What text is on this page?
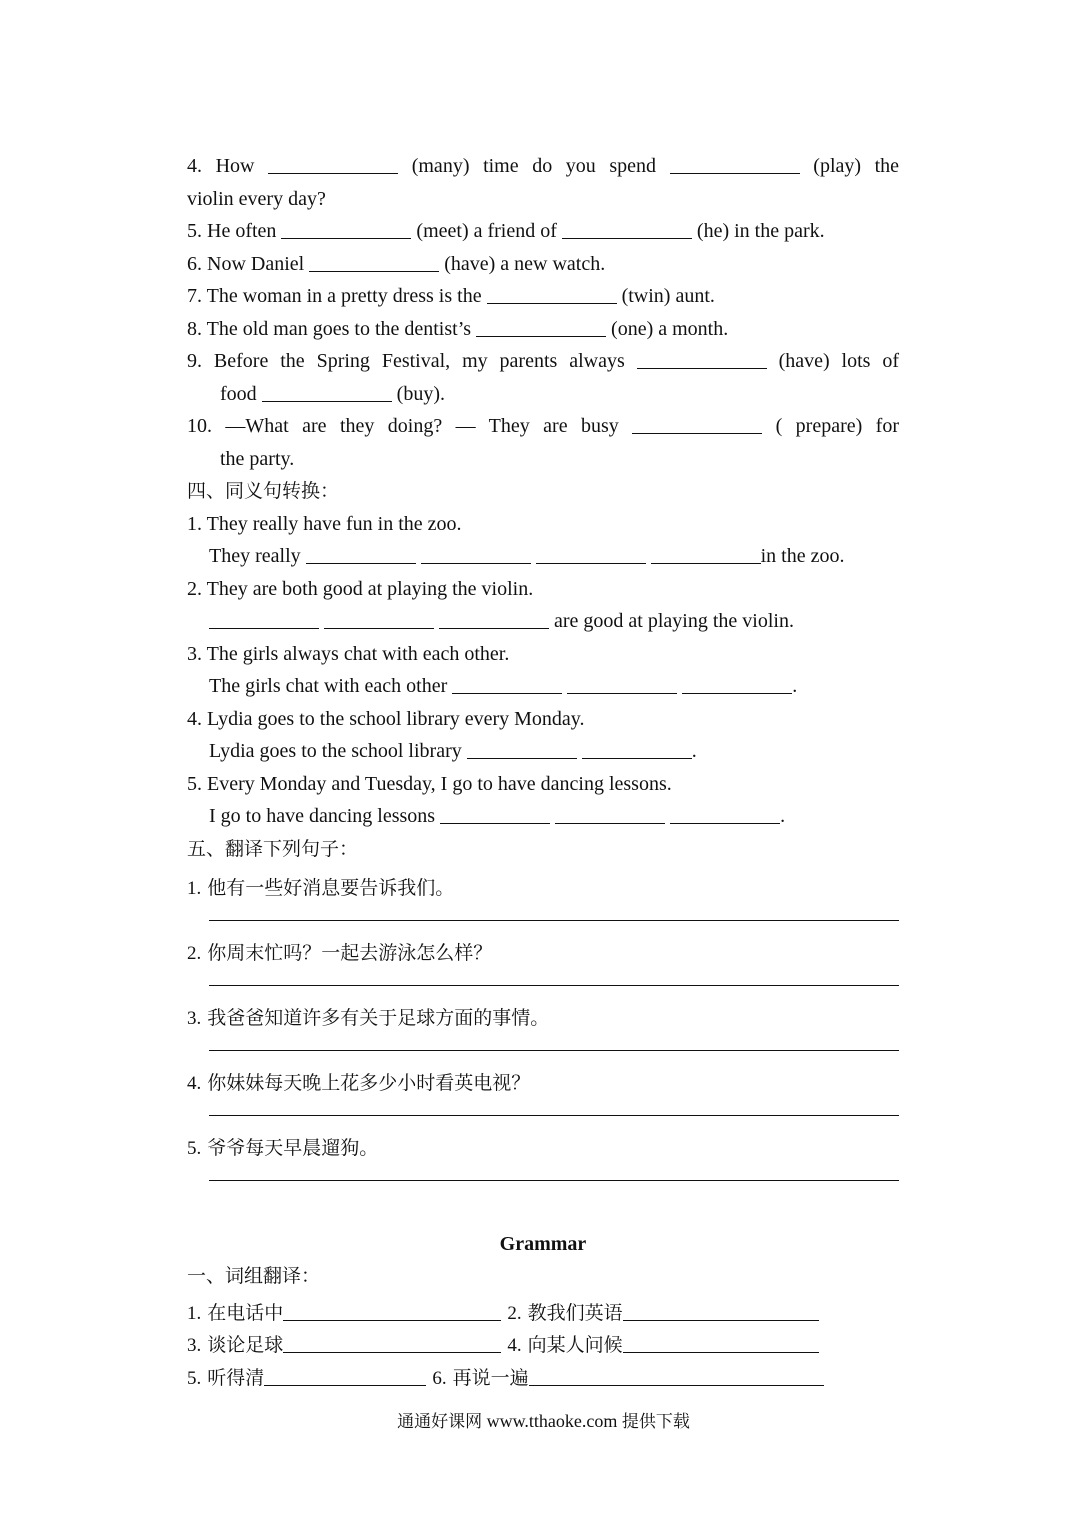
4. How	(many) time do you spend	(play) the
violin every day?
5. He often	(meet) a friend of	(he) in the park.
6. Now Daniel	(have) a new watch.
7. The woman in a pretty dress is the	(twin) aunt.
8. The old man goes to the dentist’s	(one) a month.
9. Before the Spring Festival, my parents always	(have) lots of
food	(buy).
10. —What are they doing? — They are busy	( prepare) for
the party.
四、同义句转换：
1. They really have fun in the zoo.
They really	in the zoo.
2. They are both good at playing the violin.
are good at playing the violin.
3. The girls always chat with each other.
The girls chat with each other	.
4. Lydia goes to the school library every Monday.
Lydia goes to the school library	.
5. Every Monday and Tuesday, I go to have dancing lessons.
I go to have dancing lessons	.
五、翻译下列句子：
1. 他有一些好消息要告诉我们。
2. 你周末忙吗？一起去游泳怎么样？
3. 我爸爸知道许多有关于足球方面的事情。
4. 你妹妹每天晚上花多少小时看英电视？
5. 爷爷每天早晨遛狗。
Grammar
一、词组翻译：
1. 在电话中	2. 教我们英语
3. 谈论足球	4. 向某人问候
5. 听得清	6. 再说一遍
通通好课网 www.tthaoke.com 提供下载
